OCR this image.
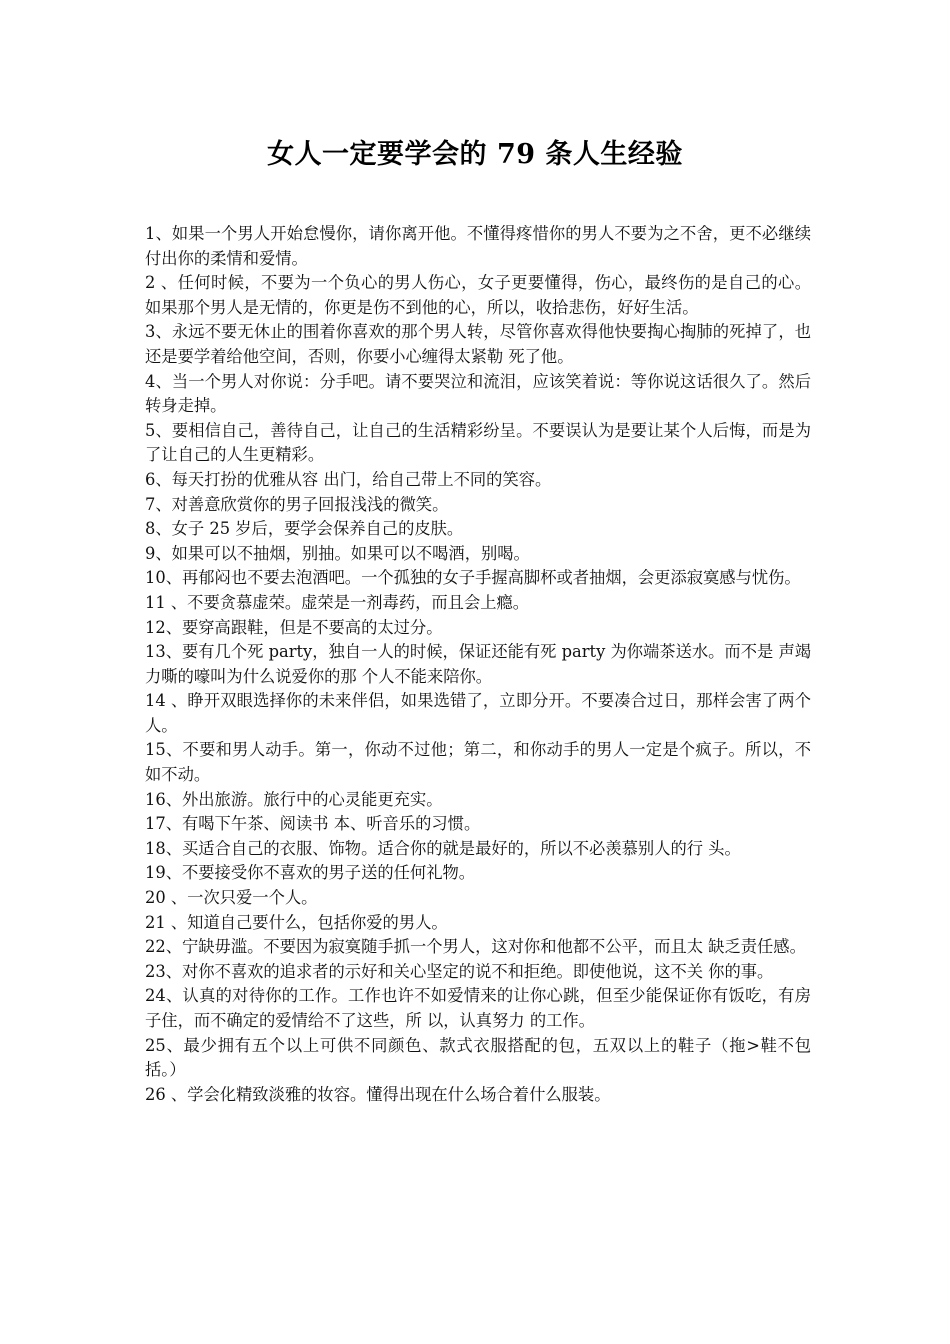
女人一定要学会的 79 条人生经验

1、如果一个男人开始怠慢你，请你离开他。不懂得疼惜你的男人不要为之不舍，更不必继续付出你的柔情和爱情。

2 、任何时候，不要为一个负心的男人伤心，女子更要懂得，伤心，最终伤的是自己的心。如果那个男人是无情的，你更是伤不到他的心，所以，收拾悲伤，好好生活。

3、永远不要无休止的围着你喜欢的那个男人转，尽管你喜欢得他快要掏心掏肺的死掉了，也还是要学着给他空间，否则，你要小心缠得太紧勒 死了他。

4、当一个男人对你说：分手吧。请不要哭泣和流泪，应该笑着说：等你说这话很久了。然后转身走掉。

5、要相信自己，善待自己，让自己的生活精彩纷呈。不要误认为是要让某个人后悔，而是为了让自己的人生更精彩。

6、每天打扮的优雅从容 出门，给自己带上不同的笑容。

7、对善意欣赏你的男子回报浅浅的微笑。

8、女子 25 岁后，要学会保养自己的皮肤。

9、如果可以不抽烟，别抽。如果可以不喝酒，别喝。

10、再郁闷也不要去泡酒吧。一个孤独的女子手握高脚杯或者抽烟，会更添寂寞感与忧伤。

11 、不要贪慕虚荣。虚荣是一剂毒药，而且会上瘾。

12、要穿高跟鞋，但是不要高的太过分。

13、要有几个死 party，独自一人的时候，保证还能有死 party 为你端茶送水。而不是 声竭力嘶的嚎叫为什么说爱你的那 个人不能来陪你。

14 、睁开双眼选择你的未来伴侣，如果选错了，立即分开。不要凑合过日，那样会害了两个人。

15、不要和男人动手。第一，你动不过他；第二，和你动手的男人一定是个疯子。所以，不如不动。

16、外出旅游。旅行中的心灵能更充实。

17、有喝下午茶、阅读书 本、听音乐的习惯。

18、买适合自己的衣服、饰物。适合你的就是最好的，所以不必羡慕别人的行 头。

19、不要接受你不喜欢的男子送的任何礼物。

20 、一次只爱一个人。

21 、知道自己要什么，包括你爱的男人。

22、宁缺毋滥。不要因为寂寞随手抓一个男人，这对你和他都不公平，而且太 缺乏责任感。

23、对你不喜欢的追求者的示好和关心坚定的说不和拒绝。即使他说，这不关 你的事。

24、认真的对待你的工作。工作也许不如爱情来的让你心跳，但至少能保证你有饭吃，有房子住，而不确定的爱情给不了这些，所 以，认真努力 的工作。

25、最少拥有五个以上可供不同颜色、款式衣服搭配的包，五双以上的鞋子（拖>鞋不包 括。）

26 、学会化精致淡雅的妆容。懂得出现在什么场合着什么服装。
